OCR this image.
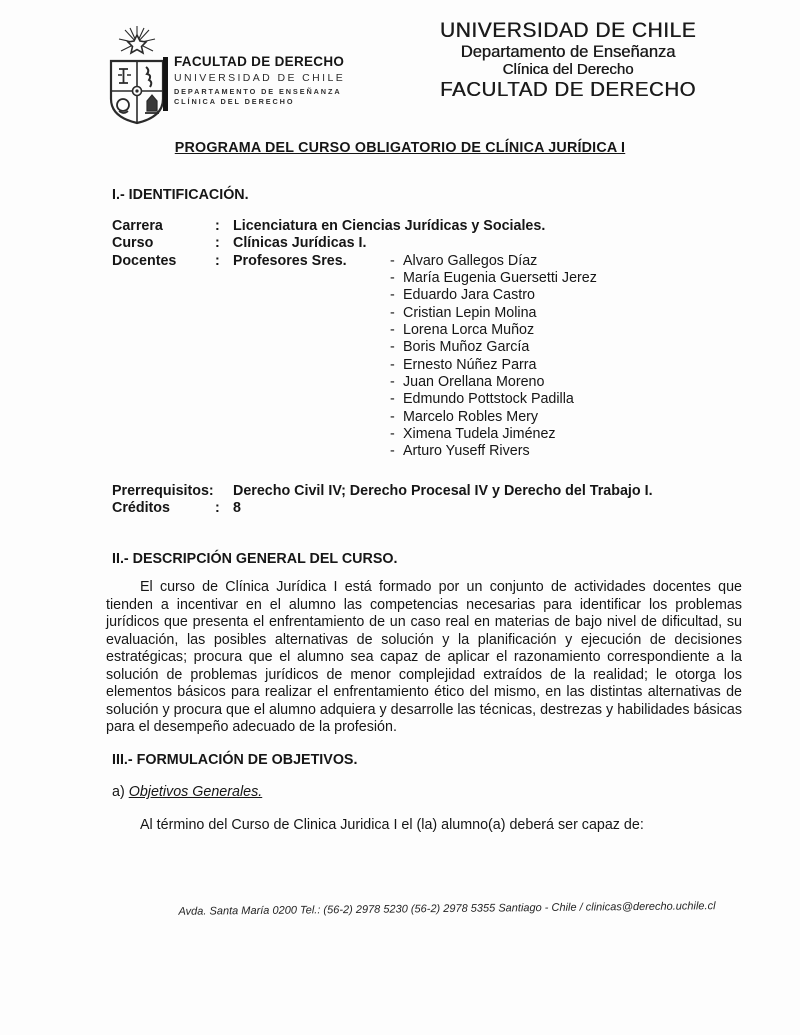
FACULTAD DE DERECHO
UNIVERSIDAD DE CHILE
DEPARTAMENTO DE ENSEÑANZA
CLÍNICA DEL DERECHO
UNIVERSIDAD DE CHILE
Departamento de Enseñanza
Clínica del Derecho
FACULTAD DE DERECHO
PROGRAMA DEL CURSO OBLIGATORIO DE CLÍNICA JURÍDICA I
I.- IDENTIFICACIÓN.
Carrera	: Licenciatura en Ciencias Jurídicas y Sociales.
Curso	: Clínicas Jurídicas I.
Docentes	: Profesores Sres.	- Alvaro Gallegos Díaz
- María Eugenia Guersetti Jerez
- Eduardo Jara Castro
- Cristian Lepin Molina
- Lorena Lorca Muñoz
- Boris Muñoz García
- Ernesto Núñez Parra
- Juan Orellana Moreno
- Edmundo Pottstock Padilla
- Marcelo Robles Mery
- Ximena Tudela Jiménez
- Arturo Yuseff Rivers
Prerrequisitos:	Derecho Civil IV; Derecho Procesal IV y Derecho del Trabajo I.
Créditos	: 8
II.- DESCRIPCIÓN GENERAL DEL CURSO.

El curso de Clínica Jurídica I está formado por un conjunto de actividades docentes que tienden a incentivar en el alumno las competencias necesarias para identificar los problemas jurídicos que presenta el enfrentamiento de un caso real en materias de bajo nivel de dificultad, su evaluación, las posibles alternativas de solución y la planificación y ejecución de decisiones estratégicas; procura que el alumno sea capaz de aplicar el razonamiento correspondiente a la solución de problemas jurídicos de menor complejidad extraídos de la realidad; le otorga los elementos básicos para realizar el enfrentamiento ético del mismo, en las distintas alternativas de solución y procura que el alumno adquiera y desarrolle las técnicas, destrezas y habilidades básicas para el desempeño adecuado de la profesión.

III.- FORMULACIÓN DE OBJETIVOS.
a) Objetivos Generales.
Al término del Curso de Clinica Juridica I el (la) alumno(a) deberá ser capaz de:
Avda. Santa María 0200 Tel.: (56-2) 2978 5230 (56-2) 2978 5355 Santiago - Chile / clinicas@derecho.uchile.cl
